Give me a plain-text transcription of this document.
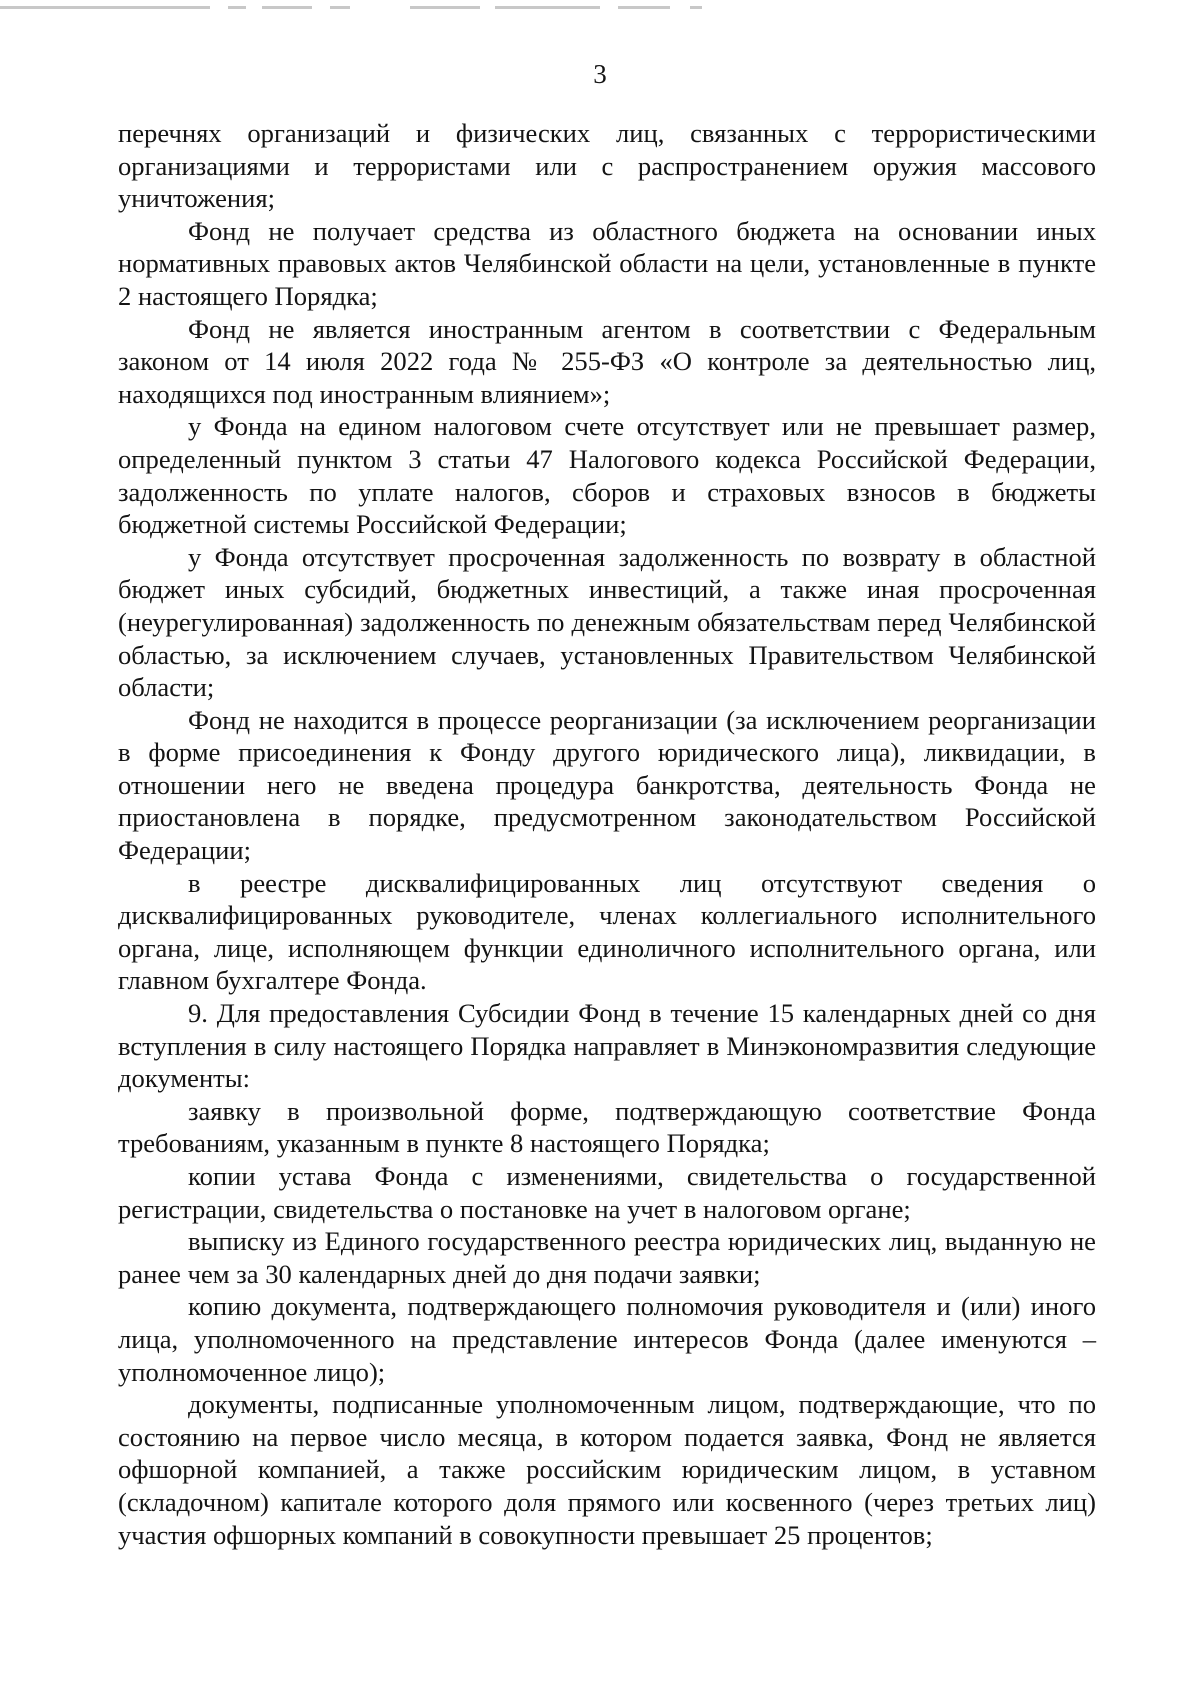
3

перечнях организаций и физических лиц, связанных с террористическими организациями и террористами или с распространением оружия массового уничтожения;

Фонд не получает средства из областного бюджета на основании иных нормативных правовых актов Челябинской области на цели, установленные в пункте 2 настоящего Порядка;

Фонд не является иностранным агентом в соответствии с Федеральным законом от 14 июля 2022 года № 255-ФЗ «О контроле за деятельностью лиц, находящихся под иностранным влиянием»;

у Фонда на едином налоговом счете отсутствует или не превышает размер, определенный пунктом 3 статьи 47 Налогового кодекса Российской Федерации, задолженность по уплате налогов, сборов и страховых взносов в бюджеты бюджетной системы Российской Федерации;

у Фонда отсутствует просроченная задолженность по возврату в областной бюджет иных субсидий, бюджетных инвестиций, а также иная просроченная (неурегулированная) задолженность по денежным обязательствам перед Челябинской областью, за исключением случаев, установленных Правительством Челябинской области;

Фонд не находится в процессе реорганизации (за исключением реорганизации в форме присоединения к Фонду другого юридического лица), ликвидации, в отношении него не введена процедура банкротства, деятельность Фонда не приостановлена в порядке, предусмотренном законодательством Российской Федерации;

в реестре дисквалифицированных лиц отсутствуют сведения о дисквалифицированных руководителе, членах коллегиального исполнительного органа, лице, исполняющем функции единоличного исполнительного органа, или главном бухгалтере Фонда.

9. Для предоставления Субсидии Фонд в течение 15 календарных дней со дня вступления в силу настоящего Порядка направляет в Минэкономразвития следующие документы:

заявку в произвольной форме, подтверждающую соответствие Фонда требованиям, указанным в пункте 8 настоящего Порядка;

копии устава Фонда с изменениями, свидетельства о государственной регистрации, свидетельства о постановке на учет в налоговом органе;

выписку из Единого государственного реестра юридических лиц, выданную не ранее чем за 30 календарных дней до дня подачи заявки;

копию документа, подтверждающего полномочия руководителя и (или) иного лица, уполномоченного на представление интересов Фонда (далее именуются – уполномоченное лицо);

документы, подписанные уполномоченным лицом, подтверждающие, что по состоянию на первое число месяца, в котором подается заявка, Фонд не является офшорной компанией, а также российским юридическим лицом, в уставном (складочном) капитале которого доля прямого или косвенного (через третьих лиц) участия офшорных компаний в совокупности превышает 25 процентов;
